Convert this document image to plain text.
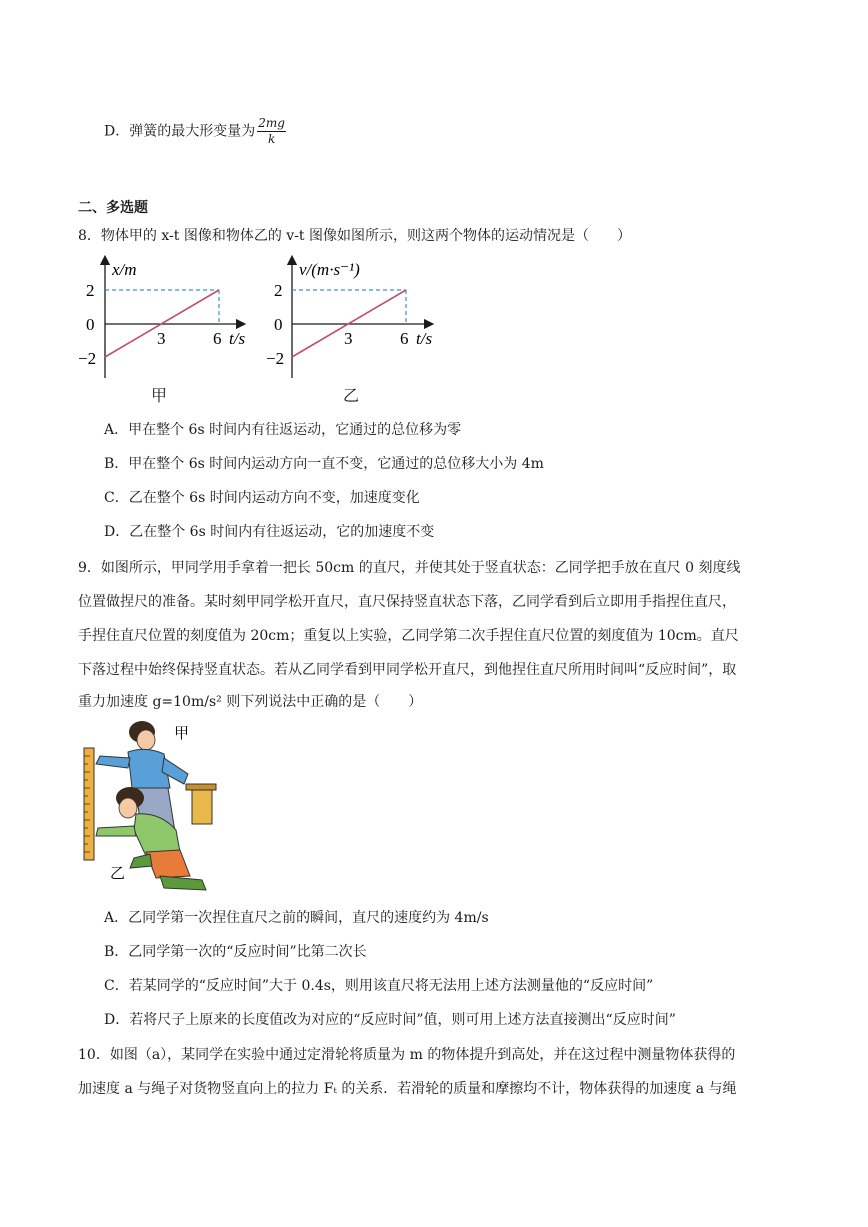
D．弹簧的最大形变量为 $\frac{2mg}{k}$
二、多选题
8．物体甲的 x-t 图像和物体乙的 v-t 图像如图所示，则这两个物体的运动情况是（　　）
x/m
2
0
−2
3	6 t/s
甲
v/(m·s⁻¹)
2
0
−2
3	6 t/s
乙
A．甲在整个 6s 时间内有往返运动，它通过的总位移为零
B．甲在整个 6s 时间内运动方向一直不变，它通过的总位移大小为 4m
C．乙在整个 6s 时间内运动方向不变，加速度变化
D．乙在整个 6s 时间内有往返运动，它的加速度不变
9．如图所示，甲同学用手拿着一把长 50cm 的直尺，并使其处于竖直状态：乙同学把手放在直尺 0 刻度线
位置做捏尺的准备。某时刻甲同学松开直尺，直尺保持竖直状态下落，乙同学看到后立即用手指捏住直尺，
手捏住直尺位置的刻度值为 20cm；重复以上实验，乙同学第二次手捏住直尺位置的刻度值为 10cm。直尺
下落过程中始终保持竖直状态。若从乙同学看到甲同学松开直尺，到他捏住直尺所用时间叫“反应时间”，取
重力加速度 g=10m/s² 则下列说法中正确的是（　　）
甲
乙
A．乙同学第一次捏住直尺之前的瞬间，直尺的速度约为 4m/s
B．乙同学第一次的“反应时间”比第二次长
C．若某同学的“反应时间”大于 0.4s，则用该直尺将无法用上述方法测量他的“反应时间”
D．若将尺子上原来的长度值改为对应的“反应时间”值，则可用上述方法直接测出“反应时间”
10．如图（a），某同学在实验中通过定滑轮将质量为 m 的物体提升到高处，并在这过程中测量物体获得的
加速度 a 与绳子对货物竖直向上的拉力 Fₜ 的关系．若滑轮的质量和摩擦均不计，物体获得的加速度 a 与绳
